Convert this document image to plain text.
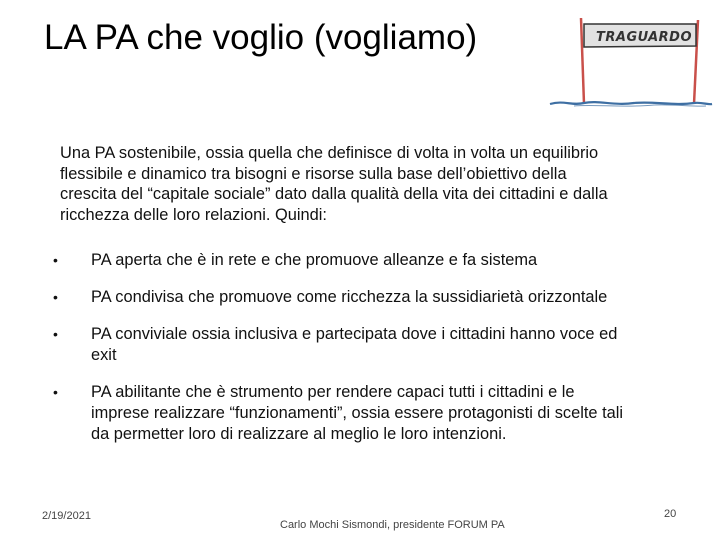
LA PA che voglio (vogliamo)	TRAGUARDO
Una PA sostenibile, ossia quella che definisce di volta in volta un equilibrio flessibile e dinamico tra bisogni e risorse sulla base dell’obiettivo della crescita del “capitale sociale” dato dalla qualità della vita dei cittadini e dalla ricchezza delle loro relazioni. Quindi:
• PA aperta che è in rete e che promuove alleanze e fa sistema
• PA condivisa che promuove come ricchezza la sussidiarietà orizzontale
• PA conviviale ossia inclusiva e partecipata dove i cittadini hanno voce ed exit
• PA abilitante che è strumento per rendere capaci tutti i cittadini e le imprese realizzare “funzionamenti”, ossia essere protagonisti di scelte tali da permetter loro di realizzare al meglio le loro intenzioni.
2/19/2021
Carlo Mochi Sismondi, presidente FORUM PA
20
